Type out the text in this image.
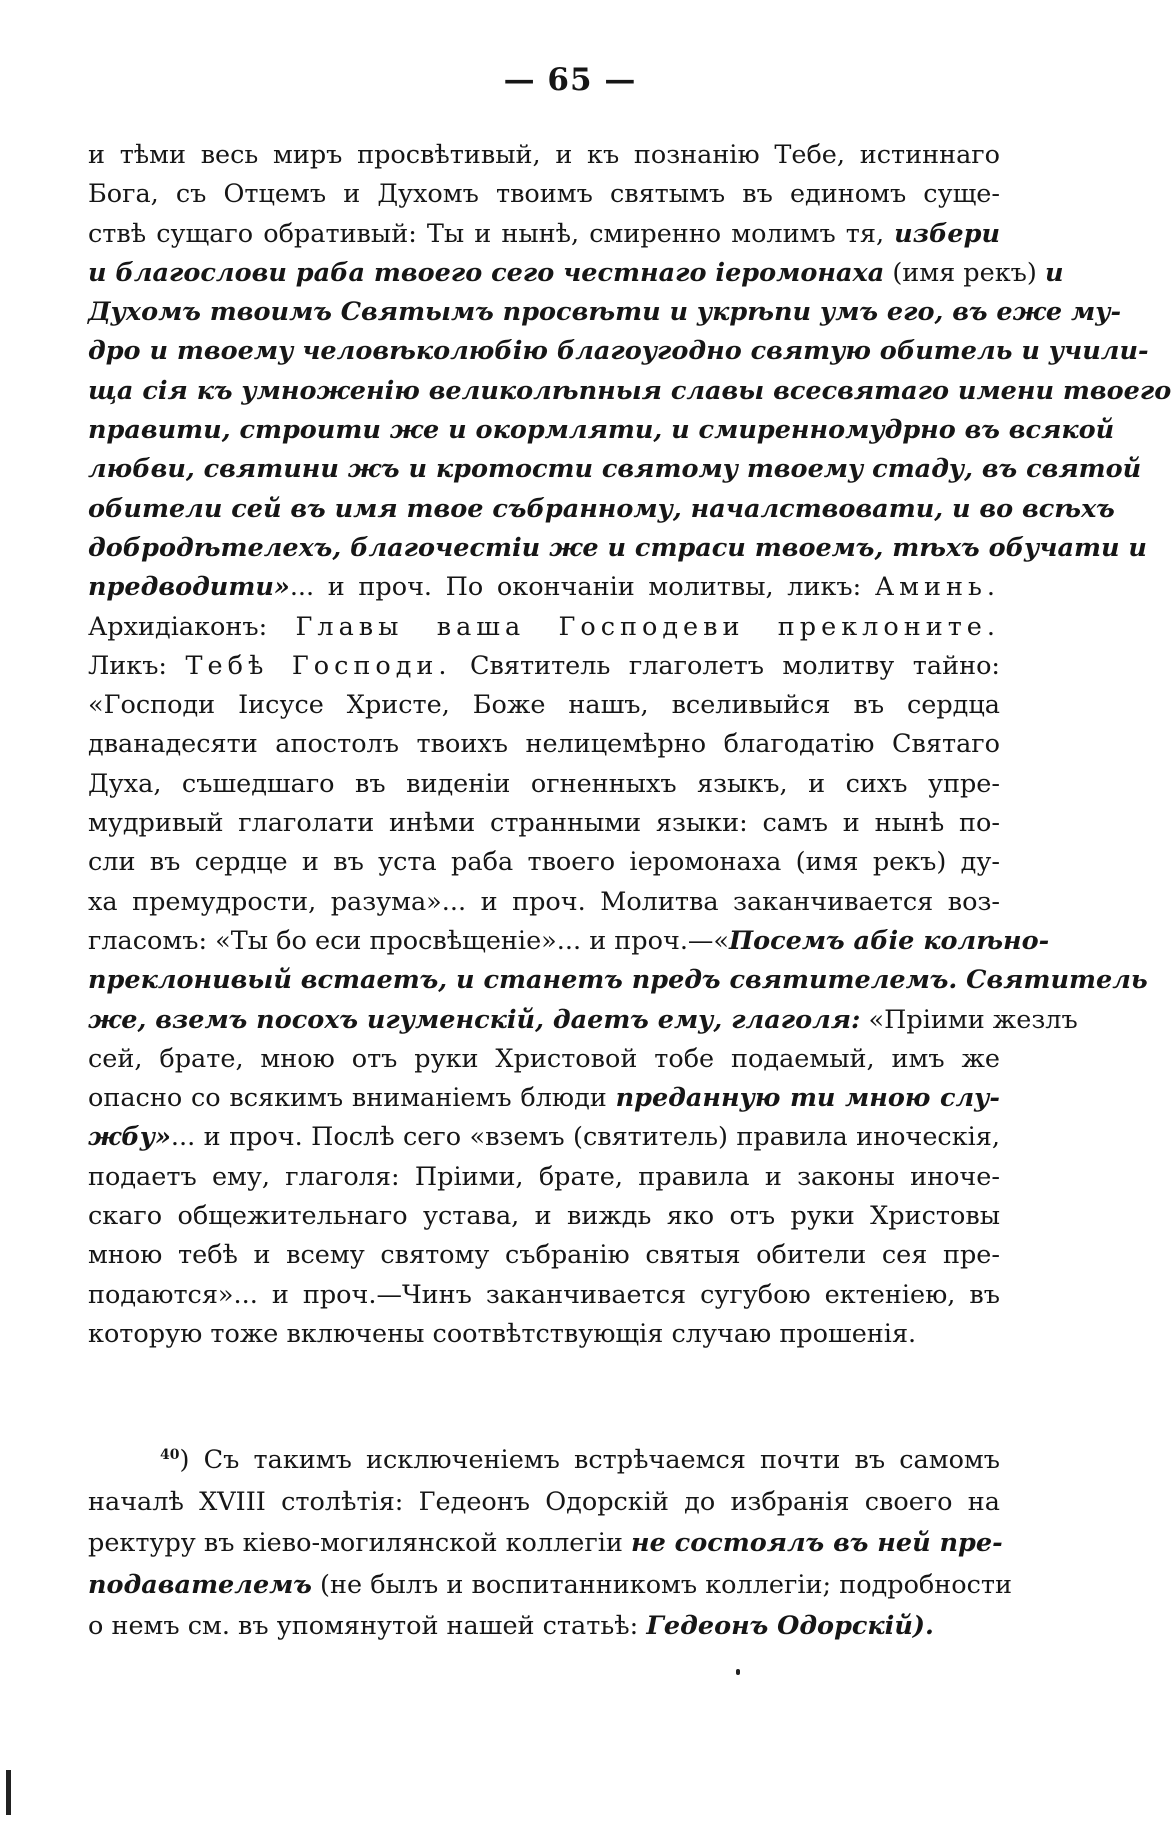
— 65 —
и тѣми весь миръ просвѣтивый, и къ познанію Тебе, истиннаго
Бога, съ Отцемъ и Духомъ твоимъ святымъ въ единомъ суще-
ствѣ сущаго обративый: Ты и нынѣ, смиренно молимъ тя, избери
и благослови раба твоего сего честнаго іеромонаха (имя рекъ) и
Духомъ твоимъ Святымъ просвѣти и укрѣпи умъ его, въ еже му-
дро и твоему человѣколюбію благоугодно святую обитель и учили-
ща сія къ умноженію великолѣпныя славы всесвятаго имени твоего
правити, строити же и окормляти, и смиренномудрно въ всякой
любви, святини жъ и кротости святому твоему стаду, въ святой
обители сей въ имя твое събранному, началствовати, и во всѣхъ
добродѣтелехъ, благочестіи же и страси твоемъ, тѣхъ обучати и
предводити»... и проч. По окончаніи молитвы, ликъ: Аминь.
Архидіаконъ: Главы ваша Господеви преклоните.
Ликъ: Тебѣ Господи. Святитель глаголетъ молитву тайно:
«Господи Іисусе Христе, Боже нашъ, вселивыйся въ сердца
дванадесяти апостолъ твоихъ нелицемѣрно благодатію Святаго
Духа, съшедшаго въ виденіи огненныхъ языкъ, и сихъ упре-
мудривый глаголати инѣми странными языки: самъ и нынѣ по-
сли въ сердце и въ уста раба твоего іеромонаха (имя рекъ) ду-
ха премудрости, разума»... и проч. Молитва заканчивается воз-
гласомъ: «Ты бо еси просвѣщеніе»... и проч.—«Посемъ абіе колѣно-
преклонивый встаетъ, и станетъ предъ святителемъ. Святитель
же, вземъ посохъ игуменскій, даетъ ему, глаголя: «Пріими жезлъ
сей, брате, мною отъ руки Христовой тобе подаемый, имъ же
опасно со всякимъ вниманіемъ блюди преданную ти мною слу-
жбу»... и проч. Послѣ сего «вземъ (святитель) правила иноческія,
подаетъ ему, глаголя: Пріими, брате, правила и законы иноче-
скаго общежительнаго устава, и виждь яко отъ руки Христовы
мною тебѣ и всему святому събранію святыя обители сея пре-
подаются»... и проч.—Чинъ заканчивается сугубою ектеніею, въ
которую тоже включены соотвѣтствующія случаю прошенія.
$^{40}$) Съ такимъ исключеніемъ встрѣчаемся почти въ самомъ
началѣ XVIII столѣтія: Гедеонъ Одорскій до избранія своего на
ректуру въ кіево-могилянской коллегіи не состоялъ въ ней пре-
подавателемъ (не былъ и воспитанникомъ коллегіи; подробности
о немъ см. въ упомянутой нашей статьѣ: Гедеонъ Одорскій).
